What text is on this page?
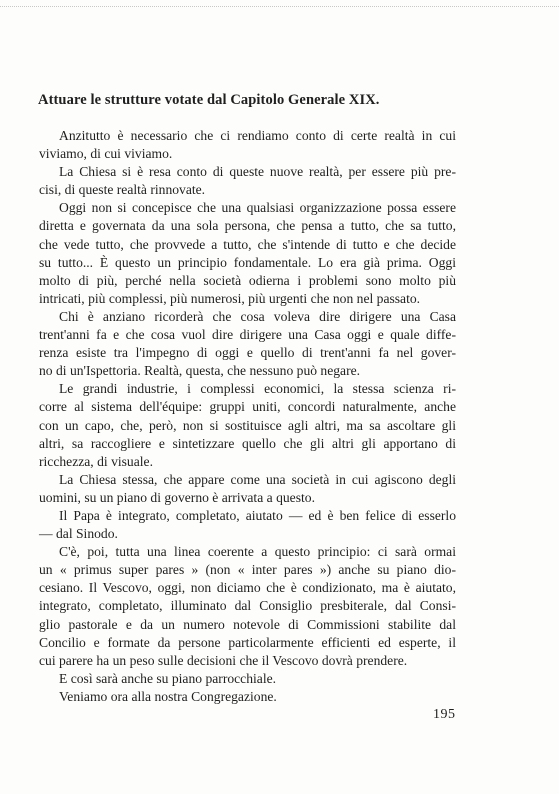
Attuare le strutture votate dal Capitolo Generale XIX.
Anzitutto è necessario che ci rendiamo conto di certe realtà in cui
viviamo, di cui viviamo.
La Chiesa si è resa conto di queste nuove realtà, per essere più pre-
cisi, di queste realtà rinnovate.
Oggi non si concepisce che una qualsiasi organizzazione possa essere
diretta e governata da una sola persona, che pensa a tutto, che sa tutto,
che vede tutto, che provvede a tutto, che s'intende di tutto e che decide
su tutto... È questo un principio fondamentale. Lo era già prima. Oggi
molto di più, perché nella società odierna i problemi sono molto più
intricati, più complessi, più numerosi, più urgenti che non nel passato.
Chi è anziano ricorderà che cosa voleva dire dirigere una Casa
trent'anni fa e che cosa vuol dire dirigere una Casa oggi e quale diffe-
renza esiste tra l'impegno di oggi e quello di trent'anni fa nel gover-
no di un'Ispettoria. Realtà, questa, che nessuno può negare.
Le grandi industrie, i complessi economici, la stessa scienza ri-
corre al sistema dell'équipe: gruppi uniti, concordi naturalmente, anche
con un capo, che, però, non si sostituisce agli altri, ma sa ascoltare gli
altri, sa raccogliere e sintetizzare quello che gli altri gli apportano di
ricchezza, di visuale.
La Chiesa stessa, che appare come una società in cui agiscono degli
uomini, su un piano di governo è arrivata a questo.
Il Papa è integrato, completato, aiutato — ed è ben felice di esserlo
— dal Sinodo.
C'è, poi, tutta una linea coerente a questo principio: ci sarà ormai
un « primus super pares » (non « inter pares ») anche su piano dio-
cesiano. Il Vescovo, oggi, non diciamo che è condizionato, ma è aiutato,
integrato, completato, illuminato dal Consiglio presbiterale, dal Consi-
glio pastorale e da un numero notevole di Commissioni stabilite dal
Concilio e formate da persone particolarmente efficienti ed esperte, il
cui parere ha un peso sulle decisioni che il Vescovo dovrà prendere.
E così sarà anche su piano parrocchiale.
Veniamo ora alla nostra Congregazione.
195
